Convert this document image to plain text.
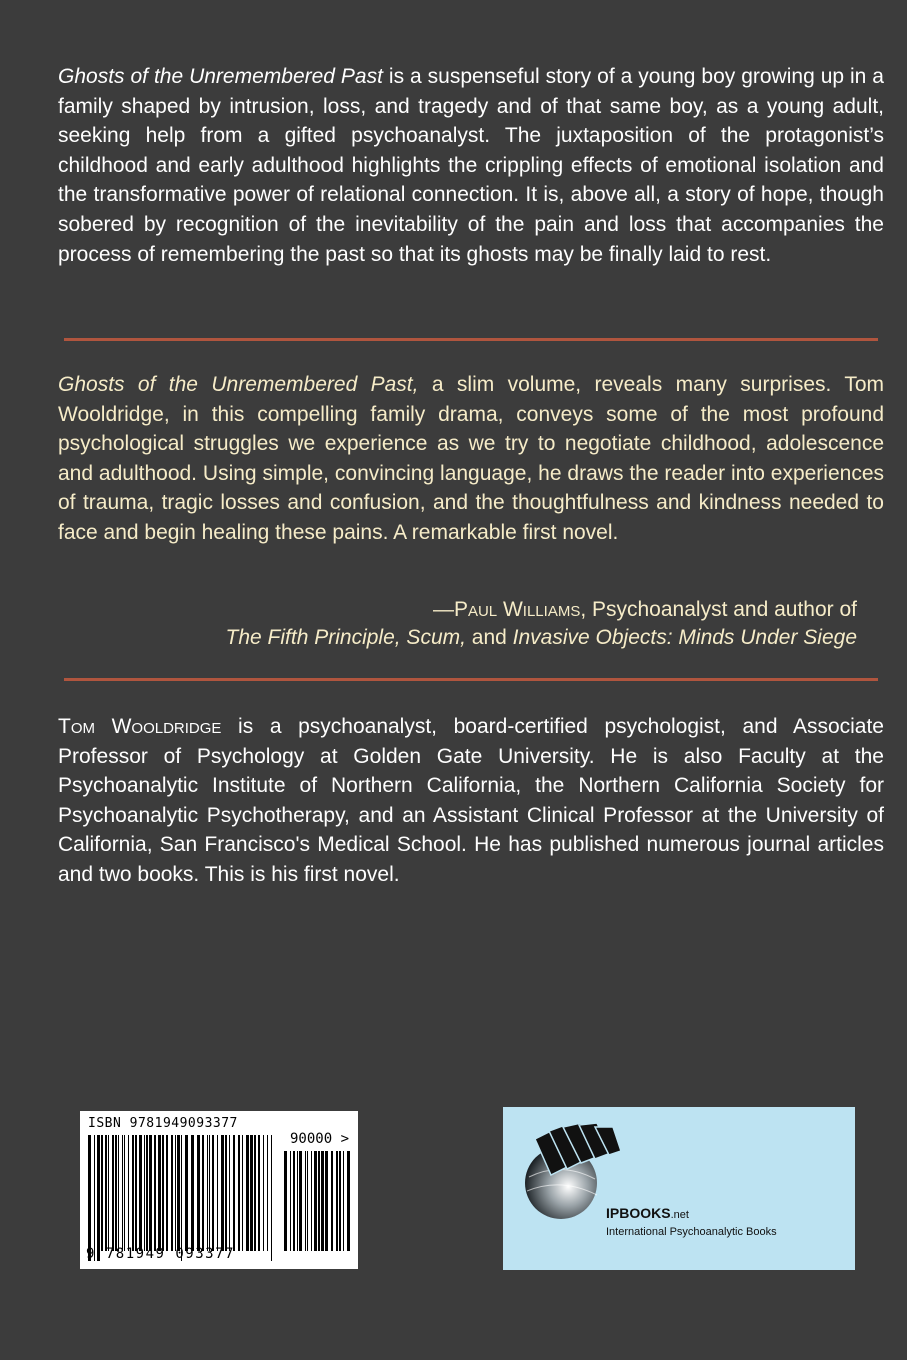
Ghosts of the Unremembered Past is a suspenseful story of a young boy growing up in a family shaped by intrusion, loss, and tragedy and of that same boy, as a young adult, seeking help from a gifted psychoanalyst. The juxtaposition of the protagonist’s childhood and early adulthood highlights the crippling effects of emotional isolation and the transformative power of relational connection. It is, above all, a story of hope, though sobered by recognition of the inevitability of the pain and loss that accompanies the process of remembering the past so that its ghosts may be finally laid to rest.

Ghosts of the Unremembered Past, a slim volume, reveals many surprises. Tom Wooldridge, in this compelling family drama, conveys some of the most profound psychological struggles we experience as we try to negotiate childhood, adolescence and adulthood. Using simple, convincing language, he draws the reader into experiences of trauma, tragic losses and confusion, and the thoughtfulness and kindness needed to face and begin healing these pains. A remarkable first novel.

—Paul Williams, Psychoanalyst and author of
The Fifth Principle, Scum, and Invasive Objects: Minds Under Siege

Tom Wooldridge is a psychoanalyst, board-certified psychologist, and Associate Professor of Psychology at Golden Gate University. He is also Faculty at the Psychoanalytic Institute of Northern California, the Northern California Society for Psychoanalytic Psychotherapy, and an Assistant Clinical Professor at the University of California, San Francisco's Medical School. He has published numerous journal articles and two books. This is his first novel.

ISBN 9781949093377
90000 >
9 781949 093377
IPBOOKS.net
International Psychoanalytic Books
